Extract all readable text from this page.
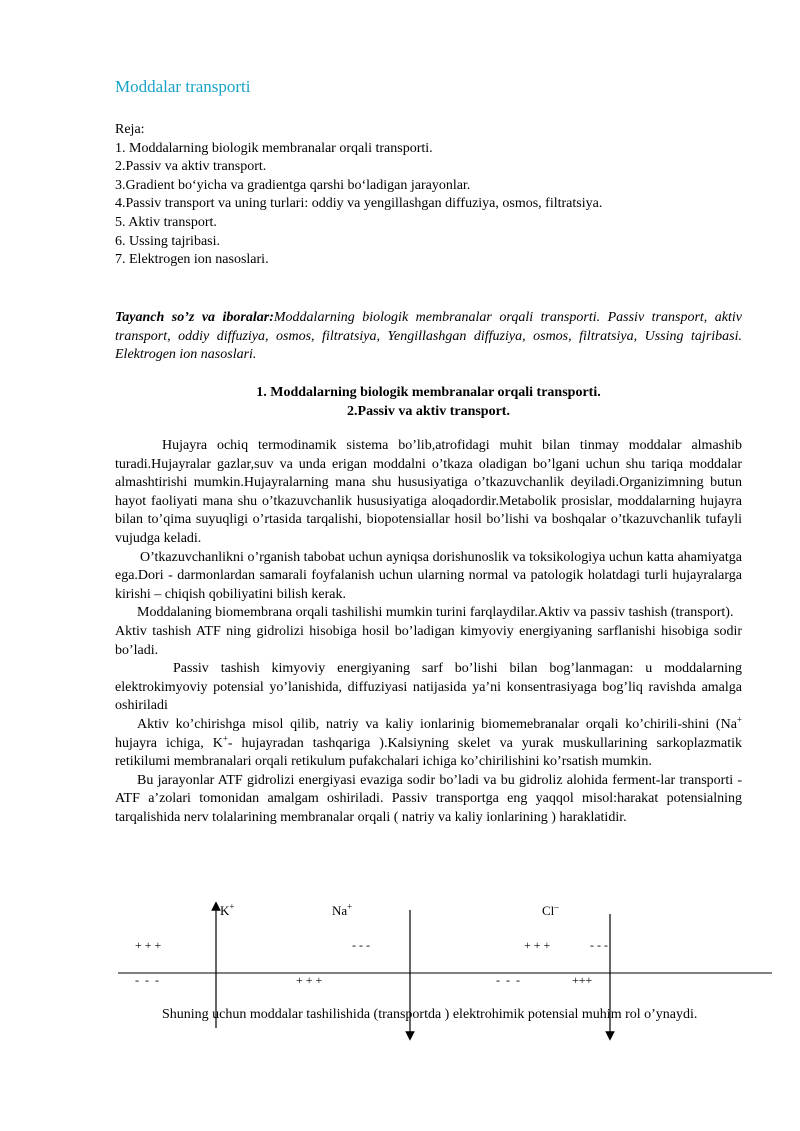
Moddalar transporti
Reja:
1. Moddalarning biologik membranalar orqali transporti.
2.Passiv va aktiv transport.
3.Gradient bo‘yicha va gradientga qarshi bo‘ladigan jarayonlar.
4.Passiv transport va uning turlari: oddiy va yengillashgan diffuziya, osmos, filtratsiya.
5. Aktiv transport.
6. Ussing tajribasi.
7. Elektrogen ion nasoslari.
Tayanch so’z va iboralar:Moddalarning biologik membranalar orqali transporti. Passiv transport, aktiv transport, oddiy diffuziya, osmos, filtratsiya, Yengillashgan diffuziya, osmos, filtratsiya, Ussing tajribasi. Elektrogen ion nasoslari.
1. Moddalarning biologik membranalar orqali transporti.
2.Passiv va aktiv transport.

Hujayra ochiq termodinamik sistema bo’lib,atrofidagi muhit bilan tinmay moddalar almashib turadi.Hujayralar gazlar,suv va unda erigan moddalni o’tkaza oladigan bo’lgani uchun shu tariqa moddalar almashtirishi mumkin.Hujayralarning mana shu hususiyatiga o’tkazuvchanlik deyiladi.Organizimning butun hayot faoliyati mana shu o’tkazuvchanlik hususiyatiga aloqadordir.Metabolik prosislar, moddalarning hujayra bilan to’qima suyuqligi o’rtasida tarqalishi, biopotensiallar hosil bo’lishi va boshqalar o’tkazuvchanlik tufayli vujudga keladi.

O’tkazuvchanlikni o’rganish tabobat uchun ayniqsa dorishunoslik va toksikologiya uchun katta ahamiyatga ega.Dori - darmonlardan samarali foyfalanish uchun ularning normal va patologik holatdagi turli hujayralarga kirishi – chiqish qobiliyatini bilish kerak.

Moddalaning biomembrana orqali tashilishi mumkin turini farqlaydilar.Aktiv va passiv tashish (transport).

Aktiv tashish ATF ning gidrolizi hisobiga hosil bo’ladigan kimyoviy energiyaning sarflanishi hisobiga sodir bo’ladi.

Passiv tashish kimyoviy energiyaning sarf bo’lishi bilan bog’lanmagan: u moddalarning elektrokimyoviy potensial yo’lanishida, diffuziyasi natijasida ya’ni konsentrasiyaga bog’liq ravishda amalga oshiriladi

Aktiv ko’chirishga misol qilib, natriy va kaliy ionlarinig biomemebranalar orqali ko’chirili-shini (Na+ hujayra ichiga, K+- hujayradan tashqariga ).Kalsiyning skelet va yurak muskullarining sarkoplazmatik retikilumi membranalari orqali retikulum pufakchalari ichiga ko’chirilishini ko’rsatish mumkin.

Bu jarayonlar ATF gidrolizi energiyasi evaziga sodir bo’ladi va bu gidroliz alohida ferment-lar transporti - ATF a’zolari tomonidan amalgam oshiriladi. Passiv transportga eng yaqqol misol:harakat potensialning tarqalishida nerv tolalarining membranalar orqali ( natriy va kaliy ionlarining ) haraklatidir.

K+	Na+	Cl–
+ + +	- - -	+ + +	- - -
-  -  -	+ + +	-  -  -	+++

Shuning uchun moddalar tashilishida (transportda ) elektrohimik potensial muhim rol o’ynaydi.
